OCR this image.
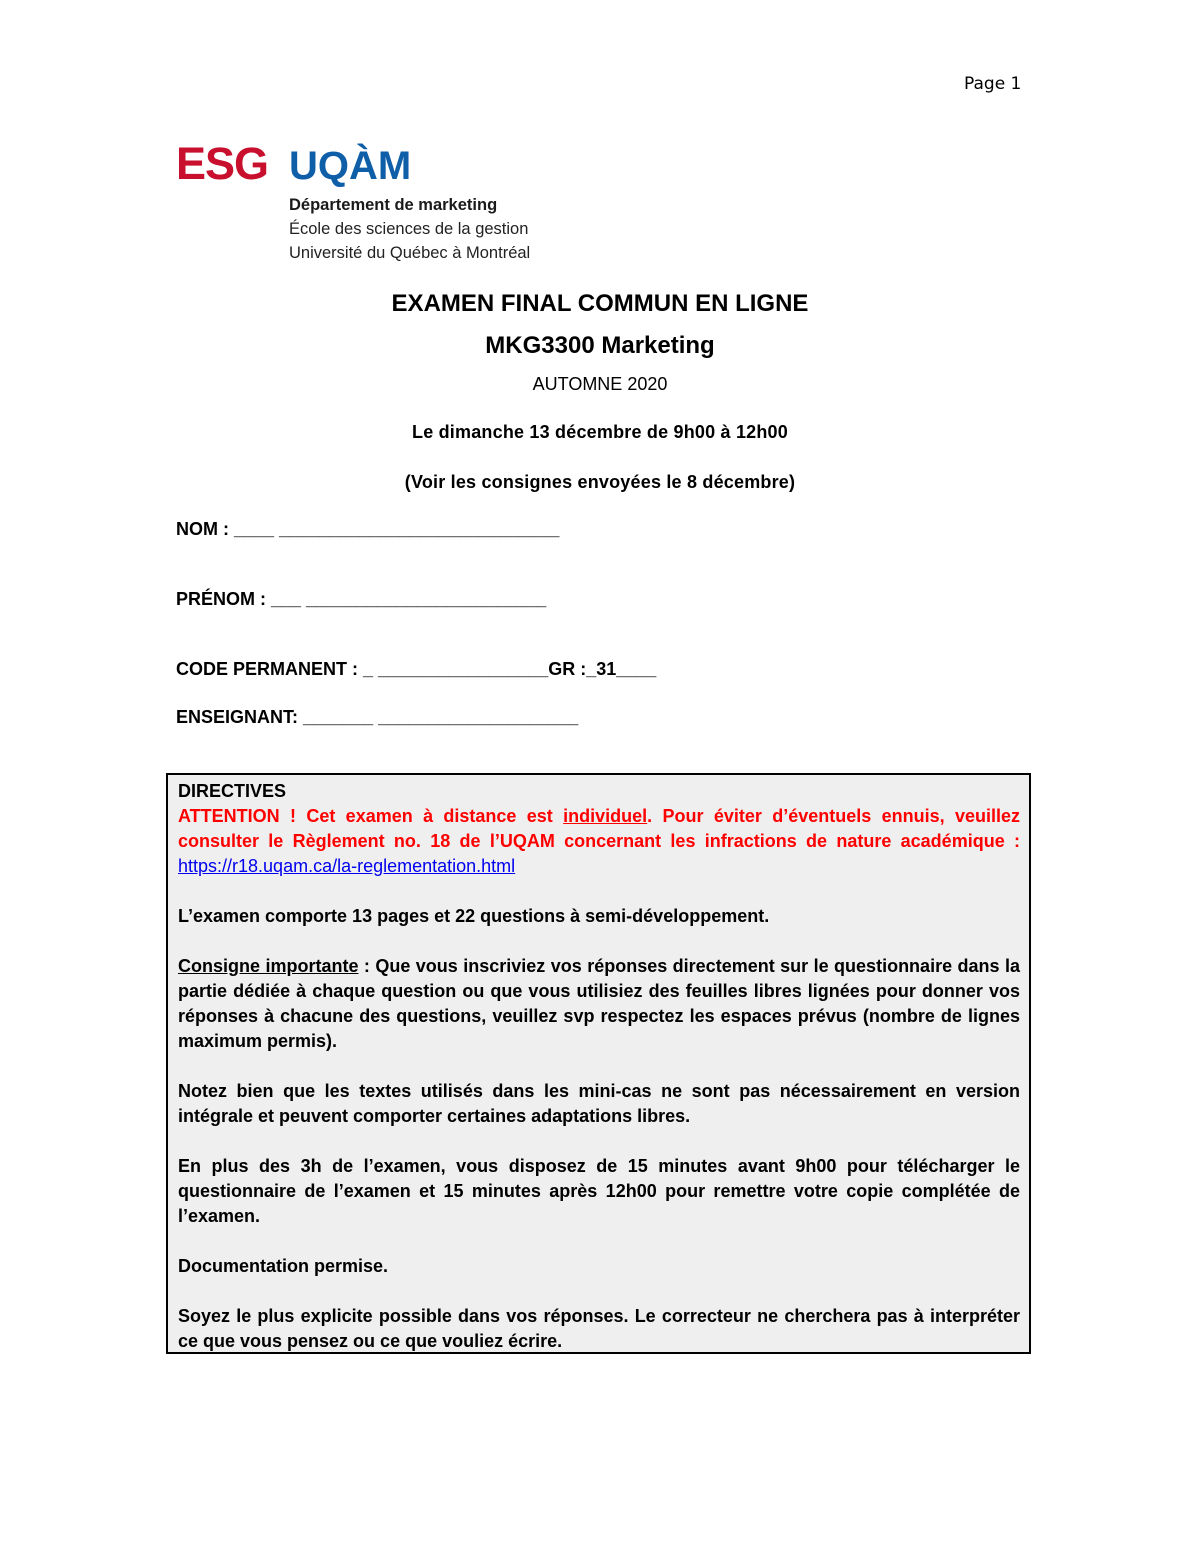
Page 1
ESG UQÀM
Département de marketing
École des sciences de la gestion
Université du Québec à Montréal
EXAMEN FINAL COMMUN EN LIGNE
MKG3300 Marketing
AUTOMNE 2020
Le dimanche 13 décembre de 9h00 à 12h00
(Voir les consignes envoyées le 8 décembre)
NOM : ____ ____________________________
PRÉNOM : ___ ________________________
CODE PERMANENT : _ _________________GR :_31____
ENSEIGNANT: _______ ____________________

DIRECTIVES

ATTENTION ! Cet examen à distance est individuel. Pour éviter d’éventuels ennuis, veuillez consulter le Règlement no. 18 de l’UQAM concernant les infractions de nature académique : https://r18.uqam.ca/la-reglementation.html

L’examen comporte 13 pages et 22 questions à semi-développement.

Consigne importante : Que vous inscriviez vos réponses directement sur le questionnaire dans la partie dédiée à chaque question ou que vous utilisiez des feuilles libres lignées pour donner vos réponses à chacune des questions, veuillez svp respectez les espaces prévus (nombre de lignes maximum permis).

Notez bien que les textes utilisés dans les mini-cas ne sont pas nécessairement en version intégrale et peuvent comporter certaines adaptations libres.

En plus des 3h de l’examen, vous disposez de 15 minutes avant 9h00 pour télécharger le questionnaire de l’examen et 15 minutes après 12h00 pour remettre votre copie complétée de l’examen.

Documentation permise.

Soyez le plus explicite possible dans vos réponses. Le correcteur ne cherchera pas à interpréter ce que vous pensez ou ce que vouliez écrire.
